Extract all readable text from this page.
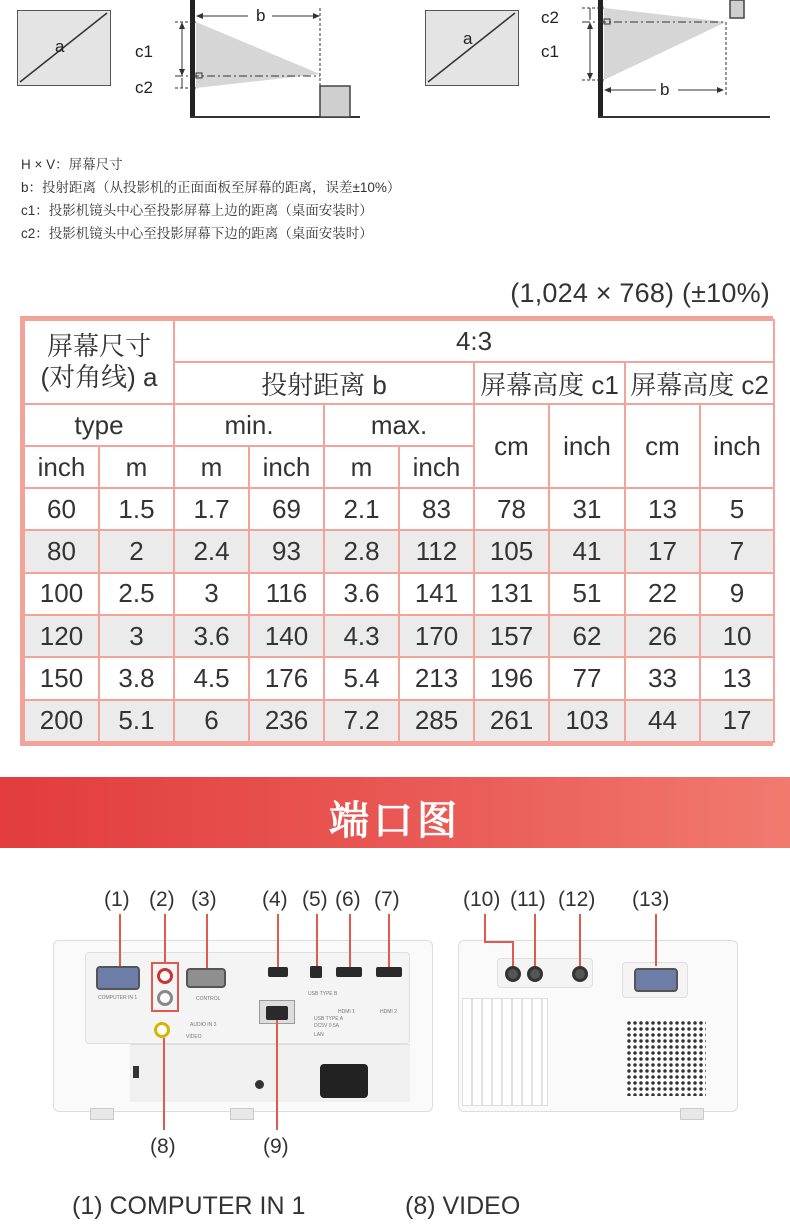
a
b
c1
c2
a
b
c2
c1
H × V：屏幕尺寸
b：投射距离（从投影机的正面面板至屏幕的距离，误差±10%）
c1：投影机镜头中心至投影屏幕上边的距离（桌面安装时）
c2：投影机镜头中心至投影屏幕下边的距离（桌面安装时）
(1,024 × 768) (±10%)
屏幕尺寸
(对角线) a		4:3							
		投射距离 b				屏幕高度 c1		屏幕高度 c2	
type		min.		max.		cm	inch	cm	inch
inch	m	m	inch	m	inch				
60	1.5	1.7	69	2.1	83	78	31	13	5
80	2	2.4	93	2.8	112	105	41	17	7
100	2.5	3	116	3.6	141	131	51	22	9
120	3	3.6	140	4.3	170	157	62	26	10
150	3.8	4.5	176	5.4	213	196	77	33	13
200	5.1	6	236	7.2	285	261	103	44	17
端口图
(1) (2) (3) (4) (5) (6) (7)	(10) (11) (12) (13)
COMPUTER IN 1
AUDIO IN 3
CONTROL
VIDEO
USB TYPE A
DC5V 0.5A
LAN
USB TYPE B
HDMI 1	HDMI 2
(8)	(9)
(1) COMPUTER IN 1	(8) VIDEO
